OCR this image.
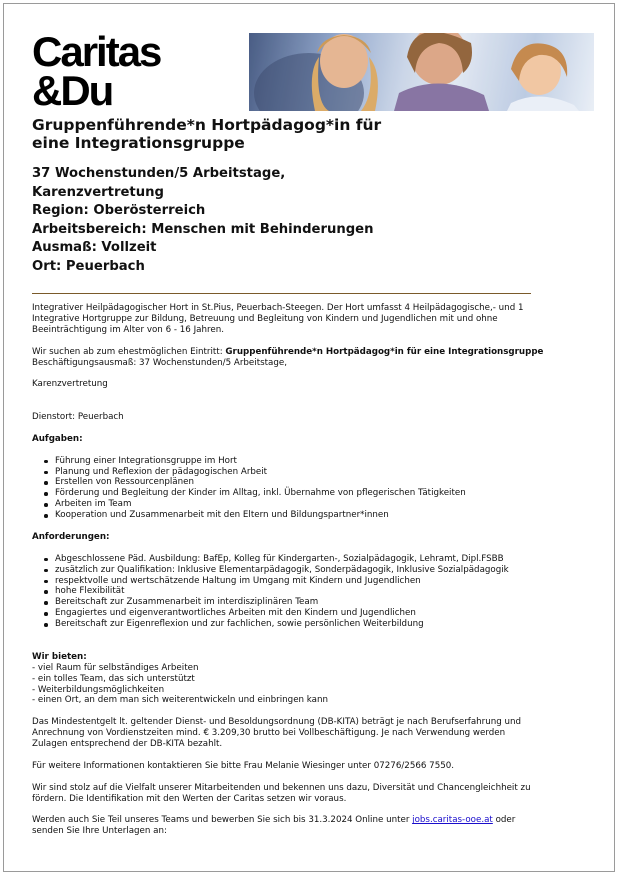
Caritas
&Du
Gruppenführende*n Hortpädagog*in für eine Integrationsgruppe
37 Wochenstunden/5 Arbeitstage,
Karenzvertretung
Region: Oberösterreich
Arbeitsbereich: Menschen mit Behinderungen
Ausmaß: Vollzeit
Ort: Peuerbach

Integrativer Heilpädagogischer Hort in St.Pius, Peuerbach-Steegen. Der Hort umfasst 4 Heilpädagogische,- und 1 Integrative Hortgruppe zur Bildung, Betreuung und Begleitung von Kindern und Jugendlichen mit und ohne Beeinträchtigung im Alter von 6 - 16 Jahren.

Wir suchen ab zum ehestmöglichen Eintritt: Gruppenführende*n Hortpädagog*in für eine Integrationsgruppe

Beschäftigungsausmaß: 37 Wochenstunden/5 Arbeitstage,

Karenzvertretung

Dienstort: Peuerbach

Aufgaben:

Führung einer Integrationsgruppe im Hort
Planung und Reflexion der pädagogischen Arbeit
Erstellen von Ressourcenplänen
Förderung und Begleitung der Kinder im Alltag, inkl. Übernahme von pflegerischen Tätigkeiten
Arbeiten im Team
Kooperation und Zusammenarbeit mit den Eltern und Bildungspartner*innen

Anforderungen:

Abgeschlossene Päd. Ausbildung: BafEp, Kolleg für Kindergarten-, Sozialpädagogik, Lehramt, Dipl.FSBB
zusätzlich zur Qualifikation: Inklusive Elementarpädagogik, Sonderpädagogik, Inklusive Sozialpädagogik
respektvolle und wertschätzende Haltung im Umgang mit Kindern und Jugendlichen
hohe Flexibilität
Bereitschaft zur Zusammenarbeit im interdisziplinären Team
Engagiertes und eigenverantwortliches Arbeiten mit den Kindern und Jugendlichen
Bereitschaft zur Eigenreflexion und zur fachlichen, sowie persönlichen Weiterbildung

Wir bieten:

- viel Raum für selbständiges Arbeiten

- ein tolles Team, das sich unterstützt

- Weiterbildungsmöglichkeiten

- einen Ort, an dem man sich weiterentwickeln und einbringen kann

Das Mindestentgelt lt. geltender Dienst- und Besoldungsordnung (DB-KITA) beträgt je nach Berufserfahrung und Anrechnung von Vordienstzeiten mind. € 3.209,30 brutto bei Vollbeschäftigung. Je nach Verwendung werden Zulagen entsprechend der DB-KITA bezahlt.

Für weitere Informationen kontaktieren Sie bitte Frau Melanie Wiesinger unter 07276/2566 7550.

Wir sind stolz auf die Vielfalt unserer Mitarbeitenden und bekennen uns dazu, Diversität und Chancengleichheit zu fördern. Die Identifikation mit den Werten der Caritas setzen wir voraus.

Werden auch Sie Teil unseres Teams und bewerben Sie sich bis 31.3.2024 Online unter jobs.caritas-ooe.at oder senden Sie Ihre Unterlagen an:
